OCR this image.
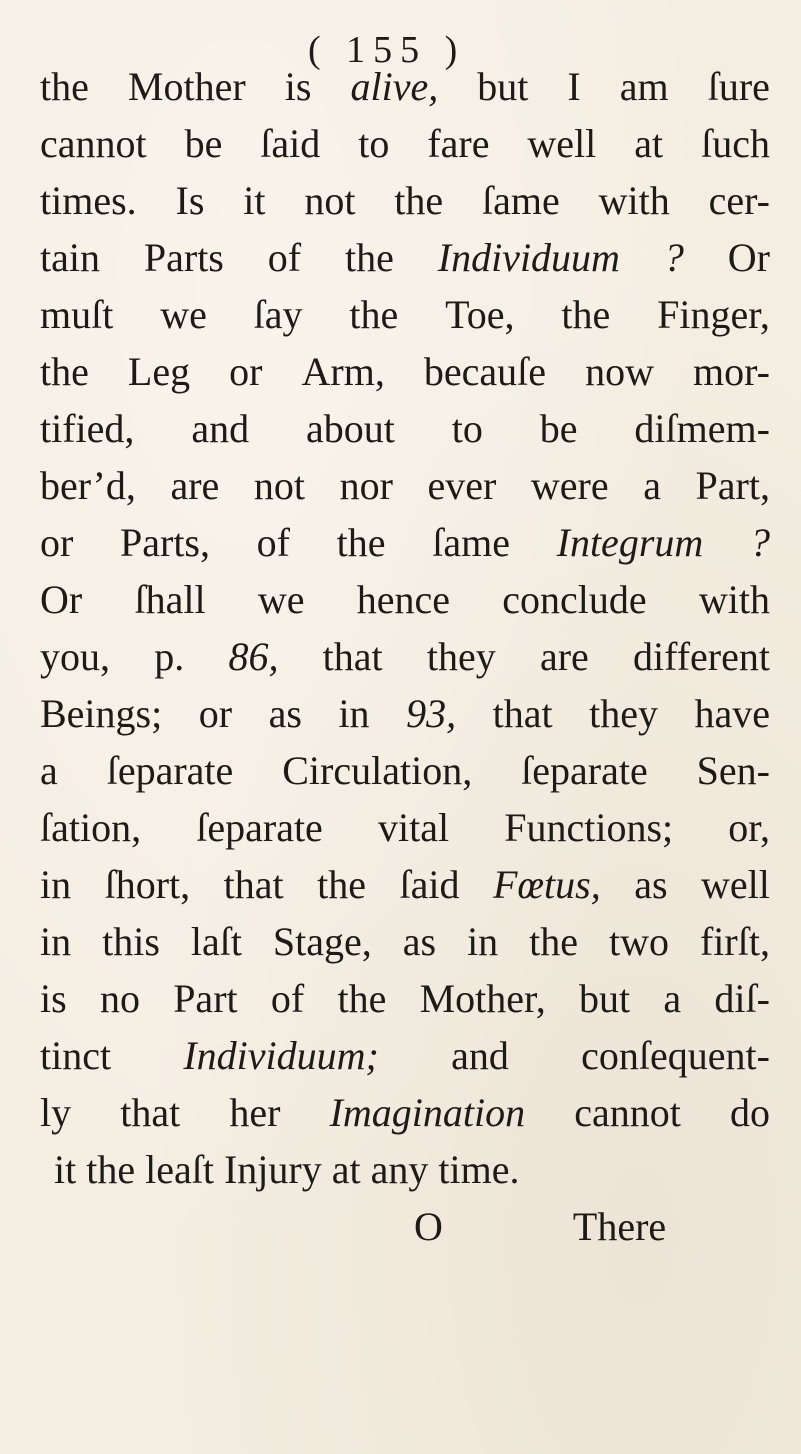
( 155 )
the Mother is alive, but I am ſure
cannot be ſaid to fare well at ſuch
times. Is it not the ſame with cer-
tain Parts of the Individuum ? Or
muſt we ſay the Toe, the Finger,
the Leg or Arm, becauſe now mor-
tified, and about to be diſmem-
ber’d, are not nor ever were a Part,
or Parts, of the ſame Integrum ?
Or ſhall we hence conclude with
you, p. 86, that they are different
Beings; or as in 93, that they have
a ſeparate Circulation, ſeparate Sen-
ſation, ſeparate vital Functions; or,
in ſhort, that the ſaid Fœtus, as well
in this laſt Stage, as in the two firſt,
is no Part of the Mother, but a diſ-
tinct Individuum; and conſequent-
ly that her Imagination cannot do
it the leaſt Injury at any time.
O	There
